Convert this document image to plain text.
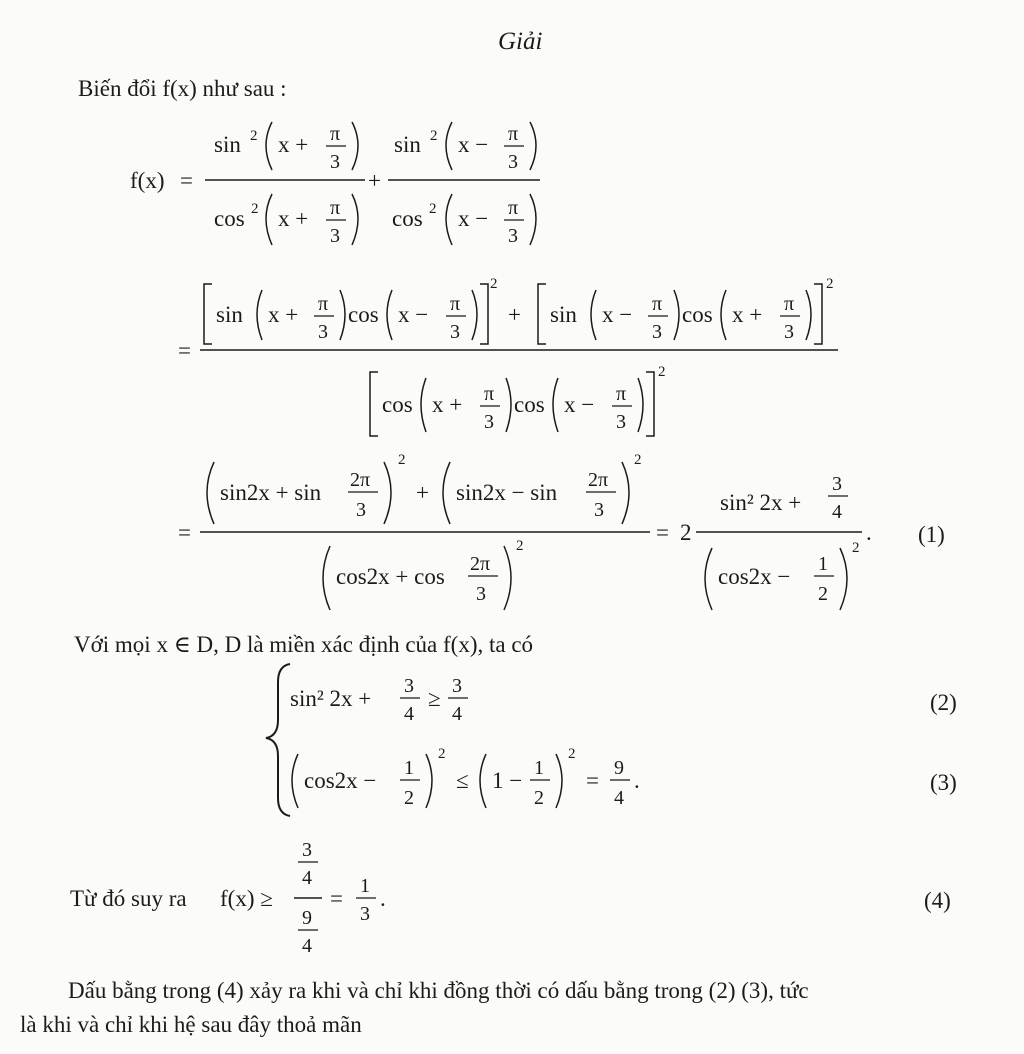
Giải
Biến đổi f(x) như sau :
f(x) =
sin 2 x + π
3
cos 2 x + π
3
+
sin 2 x − π
3
cos 2 x − π
3
=
sin x + π
3
cos x − π
3
2
+ sin x − π
3
cos x + π
3
2
cos x + π
3
cos x − π
3
2
=
sin2x + sin 2π
3
2
+ sin2x − sin 2π
3
2
cos2x + cos 2π
3
2
= 2
sin² 2x +
3
4
cos2x − 1
2
2
. (1)
Với mọi x ∈ D, D là miền xác định của f(x), ta có
sin² 2x + 3
4
≥ 3
4
cos2x − 1
2
2
≤ 1 − 1
2
2
= 9
4
.
(2)
(3)
Từ đó suy ra f(x) ≥
3
4
9
4
= 1
3
.	(4)
Dấu bằng trong (4) xảy ra khi và chỉ khi đồng thời có dấu bằng trong (2) (3), tức
là khi và chỉ khi hệ sau đây thoả mãn
